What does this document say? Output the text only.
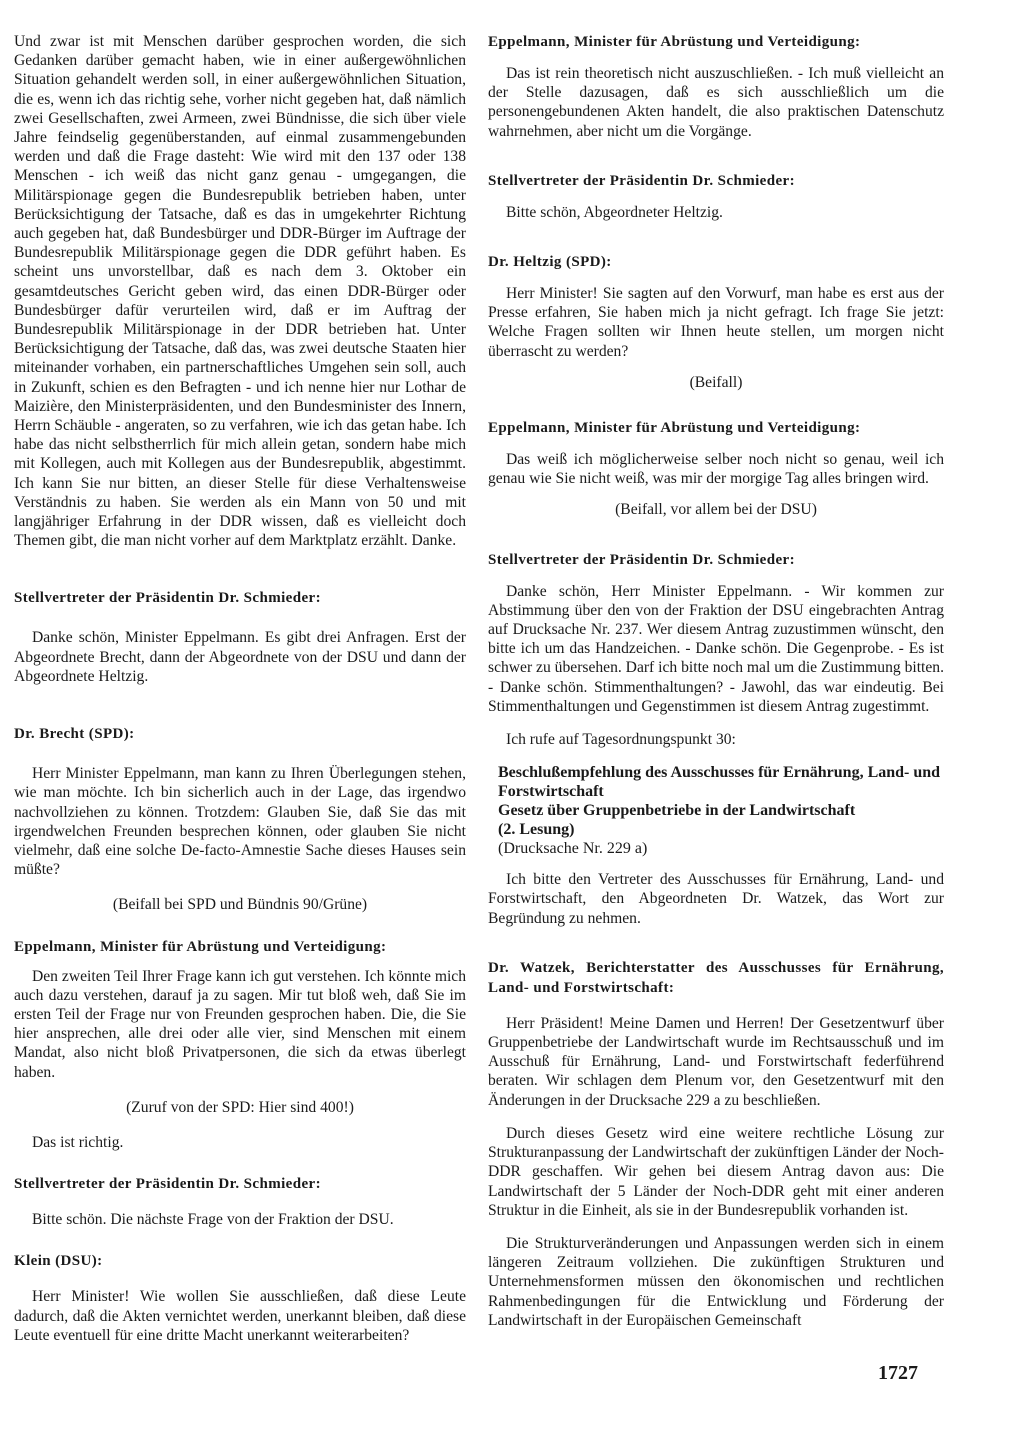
Und zwar ist mit Menschen darüber gesprochen worden, die sich Gedanken darüber gemacht haben, wie in einer außergewöhnlichen Situation gehandelt werden soll, in einer außergewöhnlichen Situation, die es, wenn ich das richtig sehe, vorher nicht gegeben hat, daß nämlich zwei Gesellschaften, zwei Armeen, zwei Bündnisse, die sich über viele Jahre feindselig gegenüberstanden, auf einmal zusammengebunden werden und daß die Frage dasteht: Wie wird mit den 137 oder 138 Menschen - ich weiß das nicht ganz genau - umgegangen, die Militärspionage gegen die Bundesrepublik betrieben haben, unter Berücksichtigung der Tatsache, daß es das in umgekehrter Richtung auch gegeben hat, daß Bundesbürger und DDR-Bürger im Auftrage der Bundesrepublik Militärspionage gegen die DDR geführt haben. Es scheint uns unvorstellbar, daß es nach dem 3. Oktober ein gesamtdeutsches Gericht geben wird, das einen DDR-Bürger oder Bundesbürger dafür verurteilen wird, daß er im Auftrag der Bundesrepublik Militärspionage in der DDR betrieben hat. Unter Berücksichtigung der Tatsache, daß das, was zwei deutsche Staaten hier miteinander vorhaben, ein partnerschaftliches Umgehen sein soll, auch in Zukunft, schien es den Befragten - und ich nenne hier nur Lothar de Maizière, den Ministerpräsidenten, und den Bundesminister des Innern, Herrn Schäuble - angeraten, so zu verfahren, wie ich das getan habe. Ich habe das nicht selbstherrlich für mich allein getan, sondern habe mich mit Kollegen, auch mit Kollegen aus der Bundesrepublik, abgestimmt. Ich kann Sie nur bitten, an dieser Stelle für diese Verhaltensweise Verständnis zu haben. Sie werden als ein Mann von 50 und mit langjähriger Erfahrung in der DDR wissen, daß es vielleicht doch Themen gibt, die man nicht vorher auf dem Marktplatz erzählt. Danke.

Stellvertreter der Präsidentin Dr. Schmieder:

Danke schön, Minister Eppelmann. Es gibt drei Anfragen. Erst der Abgeordnete Brecht, dann der Abgeordnete von der DSU und dann der Abgeordnete Heltzig.

Dr. Brecht (SPD):

Herr Minister Eppelmann, man kann zu Ihren Überlegungen stehen, wie man möchte. Ich bin sicherlich auch in der Lage, das irgendwo nachvollziehen zu können. Trotzdem: Glauben Sie, daß Sie das mit irgendwelchen Freunden besprechen können, oder glauben Sie nicht vielmehr, daß eine solche De-facto-Amnestie Sache dieses Hauses sein müßte?

(Beifall bei SPD und Bündnis 90/Grüne)

Eppelmann, Minister für Abrüstung und Verteidigung:

Den zweiten Teil Ihrer Frage kann ich gut verstehen. Ich könnte mich auch dazu verstehen, darauf ja zu sagen. Mir tut bloß weh, daß Sie im ersten Teil der Frage nur von Freunden gesprochen haben. Die, die Sie hier ansprechen, alle drei oder alle vier, sind Menschen mit einem Mandat, also nicht bloß Privatpersonen, die sich da etwas überlegt haben.

(Zuruf von der SPD: Hier sind 400!)

Das ist richtig.

Stellvertreter der Präsidentin Dr. Schmieder:

Bitte schön. Die nächste Frage von der Fraktion der DSU.

Klein (DSU):

Herr Minister! Wie wollen Sie ausschließen, daß diese Leute dadurch, daß die Akten vernichtet werden, unerkannt bleiben, daß diese Leute eventuell für eine dritte Macht unerkannt weiterarbeiten?

Eppelmann, Minister für Abrüstung und Verteidigung:

Das ist rein theoretisch nicht auszuschließen. - Ich muß vielleicht an der Stelle dazusagen, daß es sich ausschließlich um die personengebundenen Akten handelt, die also praktischen Datenschutz wahrnehmen, aber nicht um die Vorgänge.

Stellvertreter der Präsidentin Dr. Schmieder:

Bitte schön, Abgeordneter Heltzig.

Dr. Heltzig (SPD):

Herr Minister! Sie sagten auf den Vorwurf, man habe es erst aus der Presse erfahren, Sie haben mich ja nicht gefragt. Ich frage Sie jetzt: Welche Fragen sollten wir Ihnen heute stellen, um morgen nicht überrascht zu werden?

(Beifall)

Eppelmann, Minister für Abrüstung und Verteidigung:

Das weiß ich möglicherweise selber noch nicht so genau, weil ich genau wie Sie nicht weiß, was mir der morgige Tag alles bringen wird.

(Beifall, vor allem bei der DSU)

Stellvertreter der Präsidentin Dr. Schmieder:

Danke schön, Herr Minister Eppelmann. - Wir kommen zur Abstimmung über den von der Fraktion der DSU eingebrachten Antrag auf Drucksache Nr. 237. Wer diesem Antrag zuzustimmen wünscht, den bitte ich um das Handzeichen. - Danke schön. Die Gegenprobe. - Es ist schwer zu übersehen. Darf ich bitte noch mal um die Zustimmung bitten. - Danke schön. Stimmenthaltungen? - Jawohl, das war eindeutig. Bei Stimmenthaltungen und Gegenstimmen ist diesem Antrag zugestimmt.

Ich rufe auf Tagesordnungspunkt 30:

Beschlußempfehlung des Ausschusses für Ernährung, Land- und Forstwirtschaft
Gesetz über Gruppenbetriebe in der Landwirtschaft
(2. Lesung)
(Drucksache Nr. 229 a)

Ich bitte den Vertreter des Ausschusses für Ernährung, Land- und Forstwirtschaft, den Abgeordneten Dr. Watzek, das Wort zur Begründung zu nehmen.

Dr. Watzek, Berichterstatter des Ausschusses für Ernährung, Land- und Forstwirtschaft:

Herr Präsident! Meine Damen und Herren! Der Gesetzentwurf über Gruppenbetriebe der Landwirtschaft wurde im Rechtsausschuß und im Ausschuß für Ernährung, Land- und Forstwirtschaft federführend beraten. Wir schlagen dem Plenum vor, den Gesetzentwurf mit den Änderungen in der Drucksache 229 a zu beschließen.

Durch dieses Gesetz wird eine weitere rechtliche Lösung zur Strukturanpassung der Landwirtschaft der zukünftigen Länder der Noch-DDR geschaffen. Wir gehen bei diesem Antrag davon aus: Die Landwirtschaft der 5 Länder der Noch-DDR geht mit einer anderen Struktur in die Einheit, als sie in der Bundesrepublik vorhanden ist.

Die Strukturveränderungen und Anpassungen werden sich in einem längeren Zeitraum vollziehen. Die zukünftigen Strukturen und Unternehmensformen müssen den ökonomischen und rechtlichen Rahmenbedingungen für die Entwicklung und Förderung der Landwirtschaft in der Europäischen Gemeinschaft

1727
